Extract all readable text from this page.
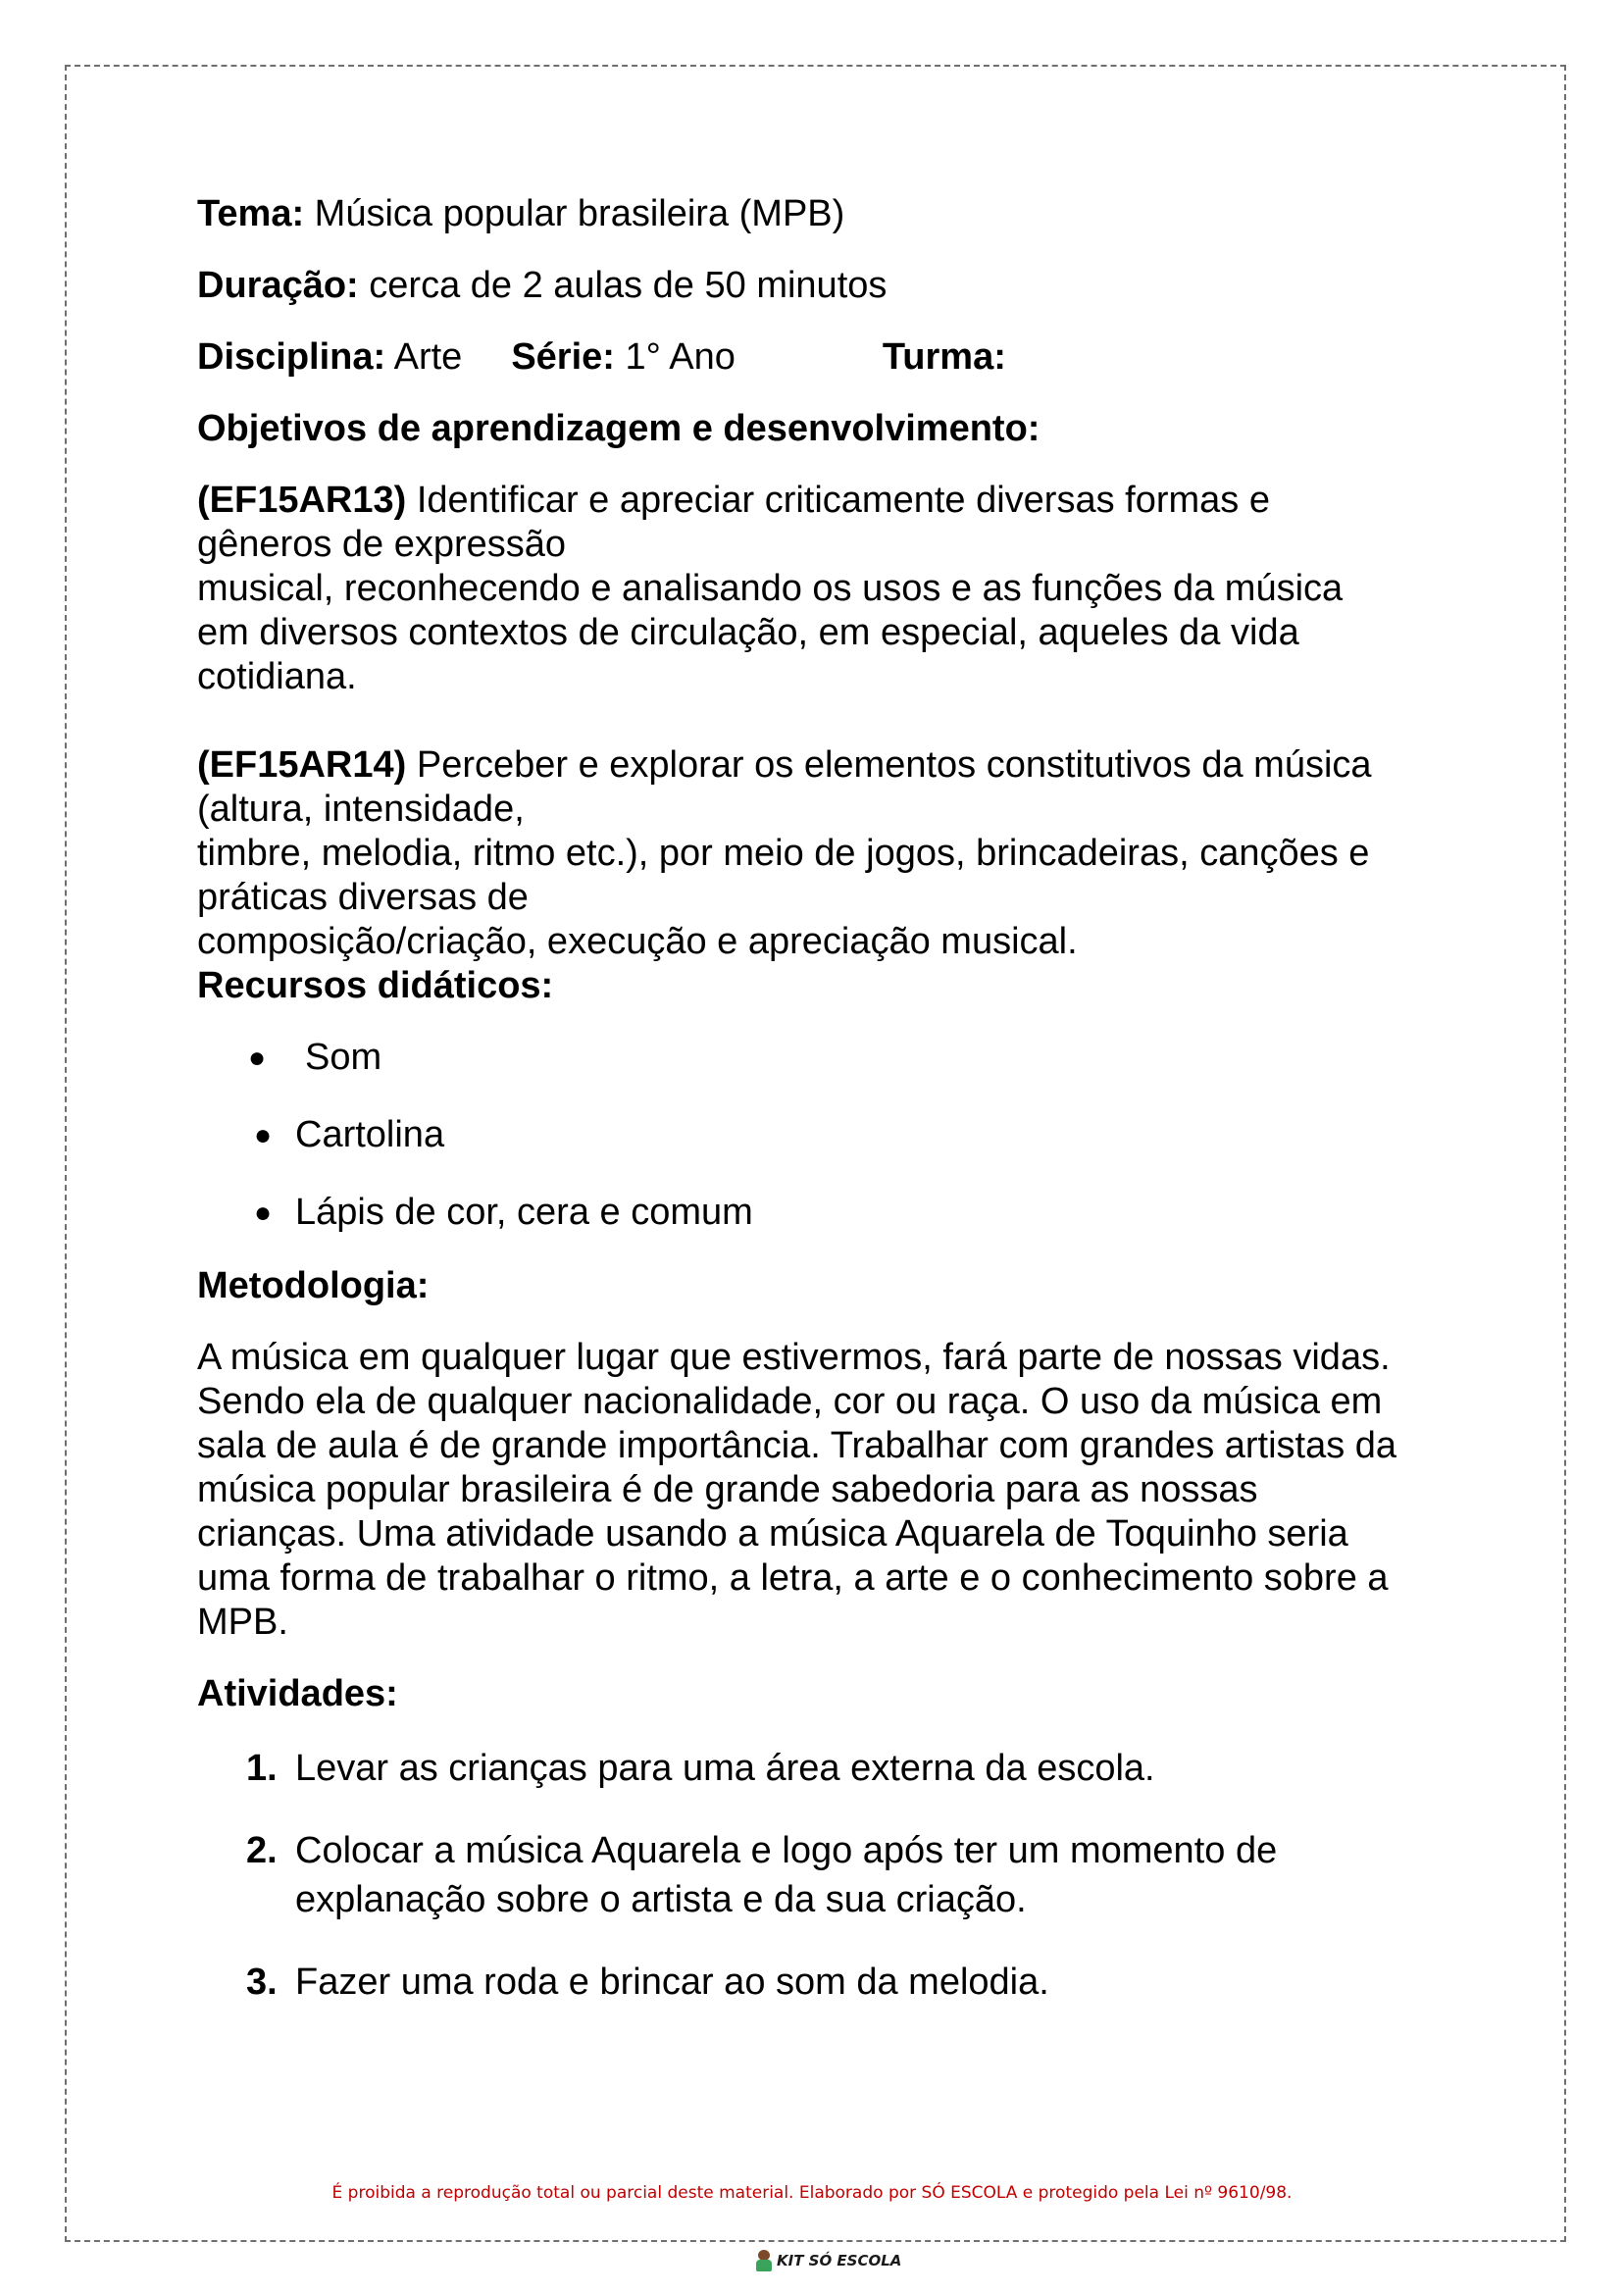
Tema: Música popular brasileira (MPB)

Duração: cerca de 2 aulas de 50 minutos

Disciplina: Arte Série: 1° Ano	Turma:

Objetivos de aprendizagem e desenvolvimento:

(EF15AR13) Identificar e apreciar criticamente diversas formas e

gêneros de expressão

musical, reconhecendo e analisando os usos e as funções da música

em diversos contextos de circulação, em especial, aqueles da vida

cotidiana.

(EF15AR14) Perceber e explorar os elementos constitutivos da música

(altura, intensidade,

timbre, melodia, ritmo etc.), por meio de jogos, brincadeiras, canções e

práticas diversas de

composição/criação, execução e apreciação musical.

Recursos didáticos:

● Som
● Cartolina
● Lápis de cor, cera e comum

Metodologia:

A música em qualquer lugar que estivermos, fará parte de nossas vidas.

Sendo ela de qualquer nacionalidade, cor ou raça. O uso da música em

sala de aula é de grande importância. Trabalhar com grandes artistas da

música popular brasileira é de grande sabedoria para as nossas

crianças. Uma atividade usando a música Aquarela de Toquinho seria

uma forma de trabalhar o ritmo, a letra, a arte e o conhecimento sobre a

MPB.

Atividades:

1. Levar as crianças para uma área externa da escola.
2. Colocar a música Aquarela e logo após ter um momento de
explanação sobre o artista e da sua criação.
3. Fazer uma roda e brincar ao som da melodia.
É proibida a reprodução total ou parcial deste material. Elaborado por SÓ ESCOLA e protegido pela Lei nº 9610/98.
KIT SÓ ESCOLA
